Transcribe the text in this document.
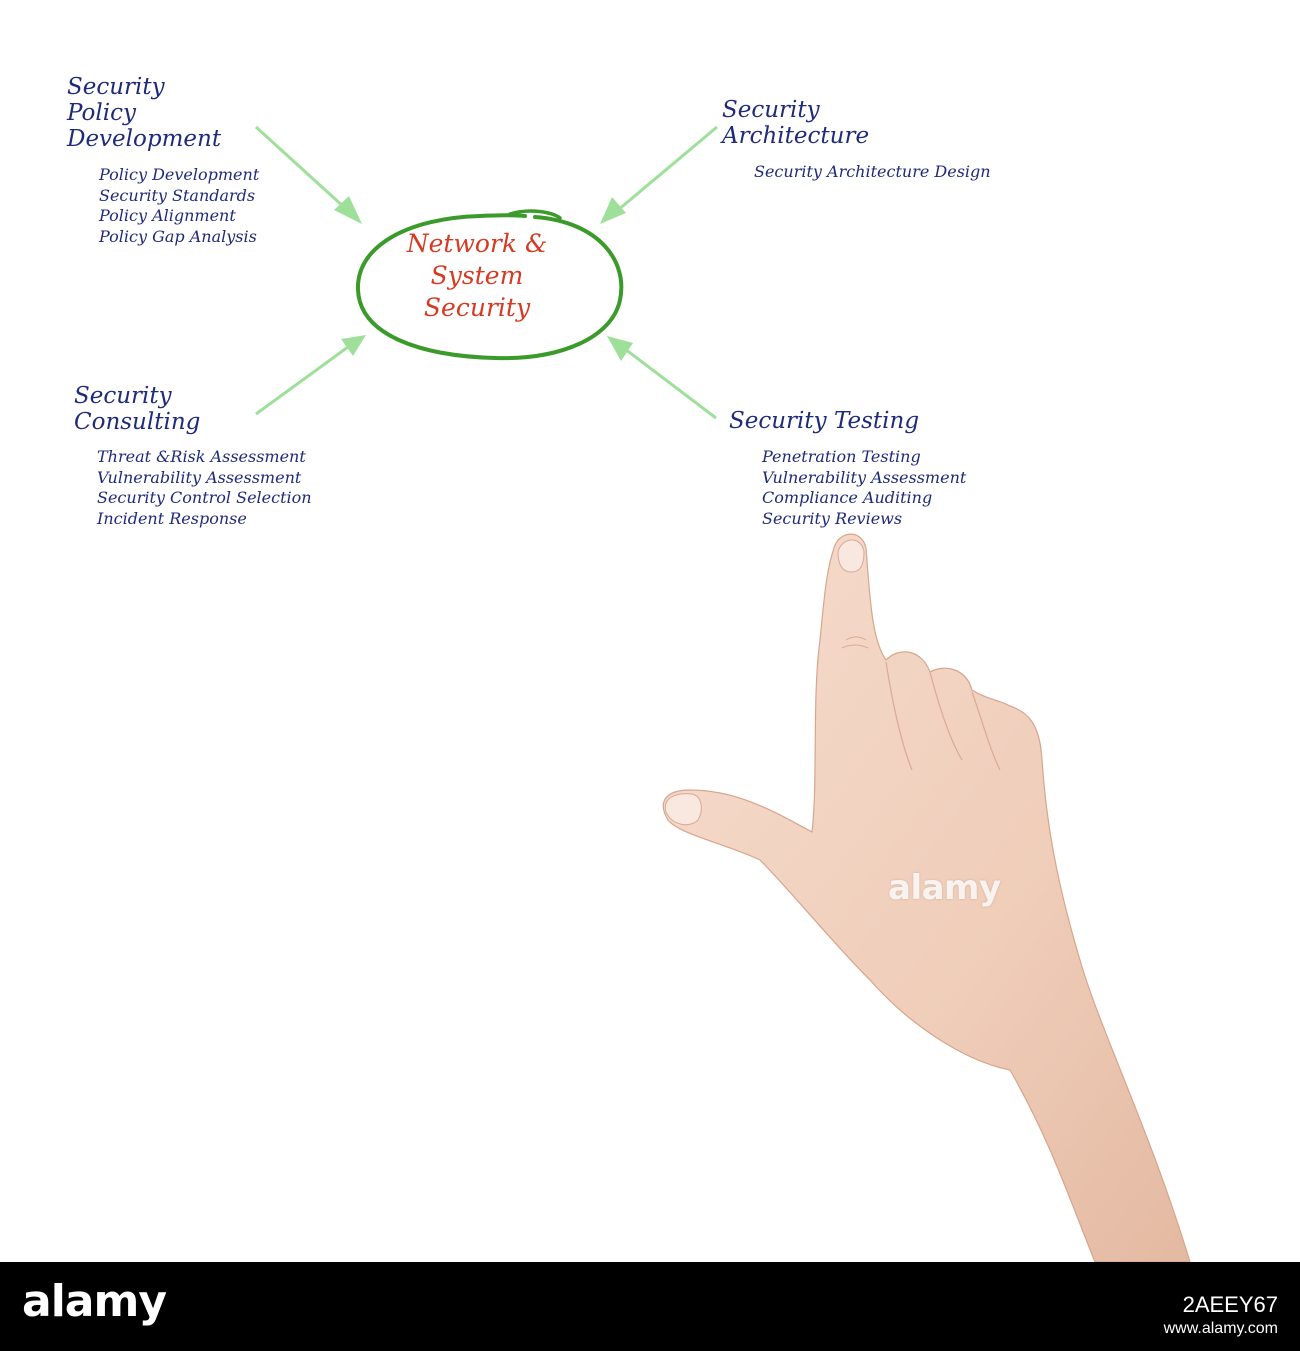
Security
Policy
Development
Policy Development
Security Standards
Policy Alignment
Policy Gap Analysis
Security
Architecture
Security Architecture Design
Security
Consulting
Threat &Risk Assessment
Vulnerability Assessment
Security Control Selection
Incident Response
Security Testing
Penetration Testing
Vulnerability Assessment
Compliance Auditing
Security Reviews
Network &
System
Security
alamy
alamy	2AEEY67
www.alamy.com
